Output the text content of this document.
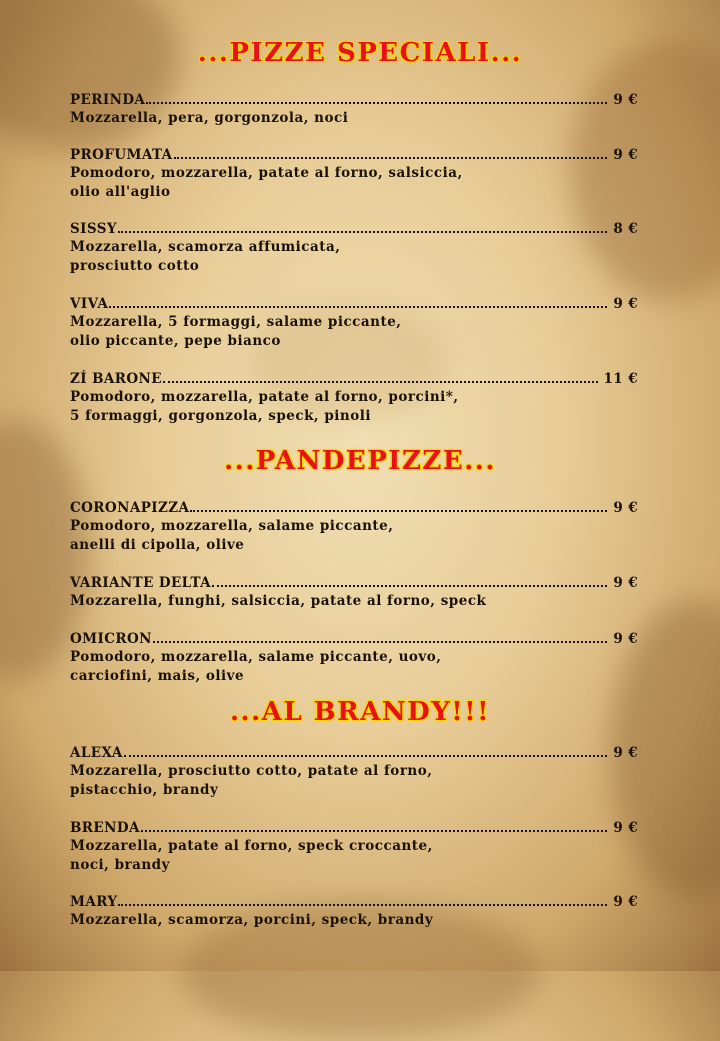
...PIZZE SPECIALI...
PERINDA	9 €
Mozzarella, pera, gorgonzola, noci
PROFUMATA	9 €
Pomodoro, mozzarella, patate al forno, salsiccia,
olio all'aglio
SISSY	8 €
Mozzarella, scamorza affumicata,
prosciutto cotto
VIVA	9 €
Mozzarella, 5 formaggi, salame piccante,
olio piccante, pepe bianco
ZÍ BARONE	11 €
Pomodoro, mozzarella, patate al forno, porcini*,
5 formaggi, gorgonzola, speck, pinoli
...PANDEPIZZE...
CORONAPIZZA	9 €
Pomodoro, mozzarella, salame piccante,
anelli di cipolla, olive
VARIANTE DELTA	9 €
Mozzarella, funghi, salsiccia, patate al forno, speck
OMICRON	9 €
Pomodoro, mozzarella, salame piccante, uovo,
carciofini, mais, olive
...AL BRANDY!!!
ALEXA	9 €
Mozzarella, prosciutto cotto, patate al forno,
pistacchio, brandy
BRENDA	9 €
Mozzarella, patate al forno, speck croccante,
noci, brandy
MARY	9 €
Mozzarella, scamorza, porcini, speck, brandy
